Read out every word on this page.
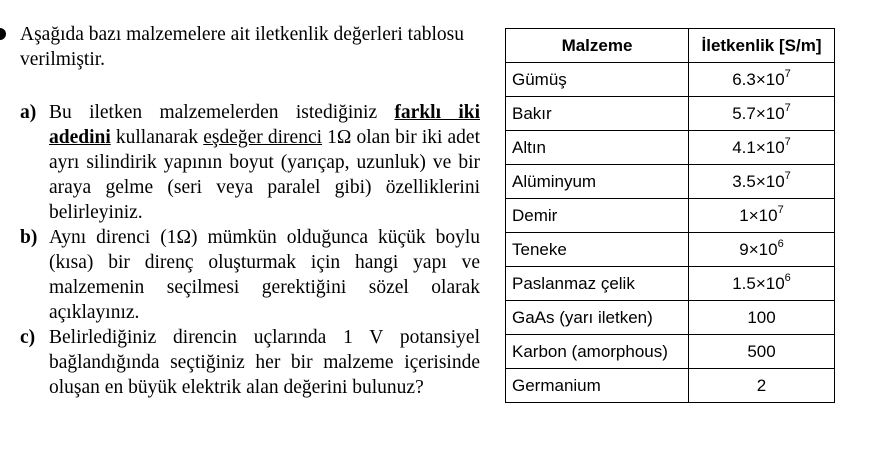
Aşağıda bazı malzemelere ait iletkenlik değerleri tablosu verilmiştir.
a) Bu iletken malzemelerden istediğiniz farklı iki adedini kullanarak eşdeğer direnci 1Ω olan bir iki adet ayrı silindirik yapının boyut (yarıçap, uzunluk) ve bir araya gelme (seri veya paralel gibi) özelliklerini belirleyiniz.
b) Aynı direnci (1Ω) mümkün olduğunca küçük boylu (kısa) bir direnç oluşturmak için hangi yapı ve malzemenin seçilmesi gerektiğini sözel olarak açıklayınız.
c) Belirlediğiniz direncin uçlarında 1 V potansiyel bağlandığında seçtiğiniz her bir malzeme içerisinde oluşan en büyük elektrik alan değerini bulunuz?
Malzeme	İletkenlik [S/m]
Gümüş	$6.3\times 10^7$
Bakır	$5.7\times 10^7$
Altın	$4.1\times 10^7$
Alüminyum	$3.5\times 10^7$
Demir	$1\times 10^7$
Teneke	$9\times 10^6$
Paslanmaz çelik	$1.5\times 10^6$
GaAs (yarı iletken)	100
Karbon (amorphous)	500
Germanium	2
